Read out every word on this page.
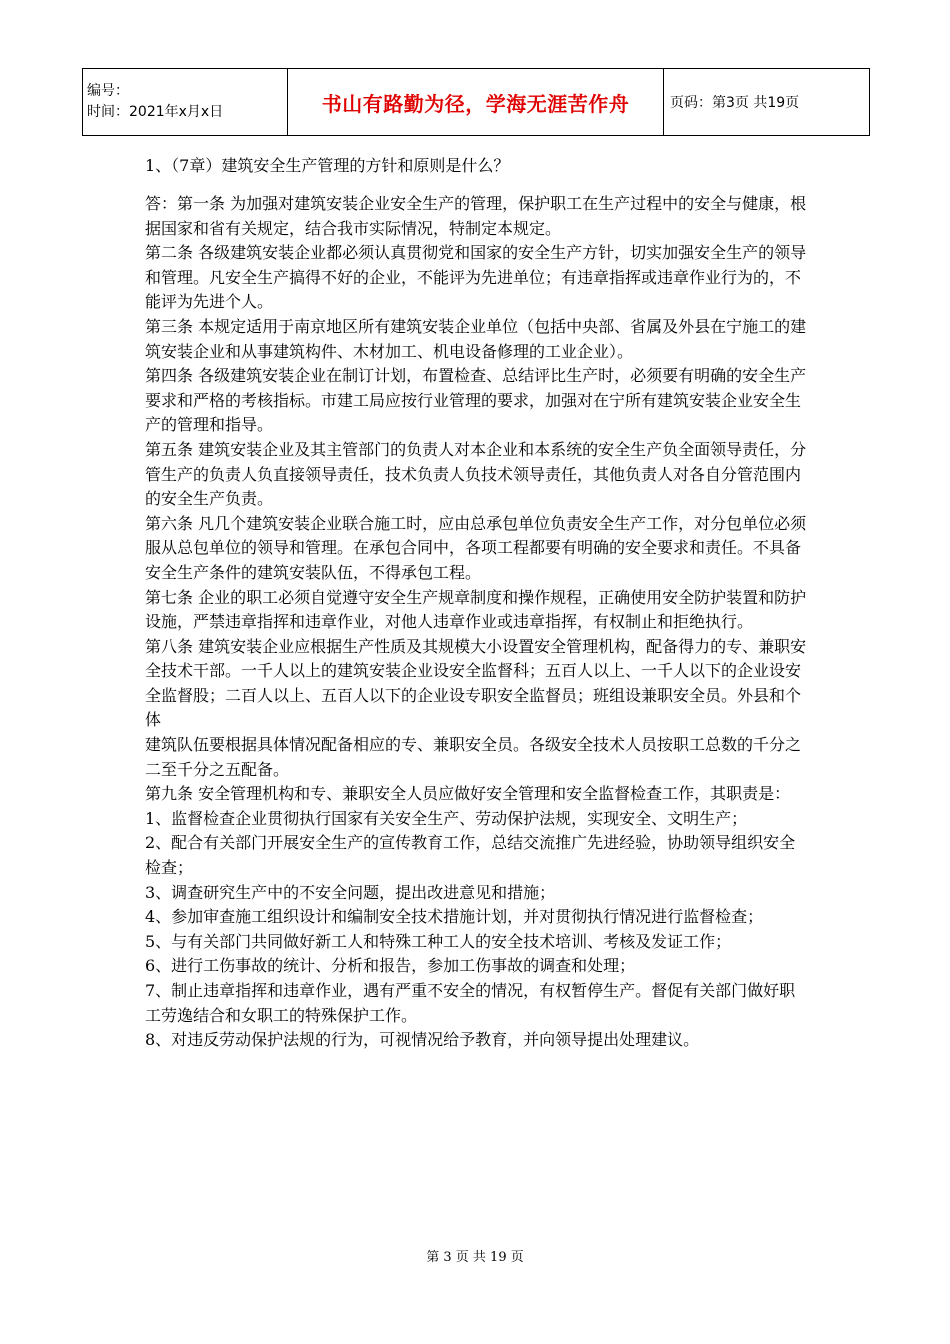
编号：
时间：2021年x月x日	书山有路勤为径，学海无涯苦作舟	页码：第3页 共19页
1、（7章）建筑安全生产管理的方针和原则是什么？

答：第一条 为加强对建筑安装企业安全生产的管理，保护职工在生产过程中的安全与健康，根据国家和省有关规定，结合我市实际情况，特制定本规定。

第二条 各级建筑安装企业都必须认真贯彻党和国家的安全生产方针，切实加强安全生产的领导和管理。凡安全生产搞得不好的企业，不能评为先进单位；有违章指挥或违章作业行为的，不能评为先进个人。

第三条 本规定适用于南京地区所有建筑安装企业单位（包括中央部、省属及外县在宁施工的建筑安装企业和从事建筑构件、木材加工、机电设备修理的工业企业）。

第四条 各级建筑安装企业在制订计划，布置检查、总结评比生产时，必须要有明确的安全生产要求和严格的考核指标。市建工局应按行业管理的要求，加强对在宁所有建筑安装企业安全生产的管理和指导。

第五条 建筑安装企业及其主管部门的负责人对本企业和本系统的安全生产负全面领导责任，分管生产的负责人负直接领导责任，技术负责人负技术领导责任，其他负责人对各自分管范围内的安全生产负责。

第六条 凡几个建筑安装企业联合施工时，应由总承包单位负责安全生产工作，对分包单位必须服从总包单位的领导和管理。在承包合同中，各项工程都要有明确的安全要求和责任。不具备安全生产条件的建筑安装队伍，不得承包工程。

第七条 企业的职工必须自觉遵守安全生产规章制度和操作规程，正确使用安全防护装置和防护设施，严禁违章指挥和违章作业，对他人违章作业或违章指挥，有权制止和拒绝执行。

第八条 建筑安装企业应根据生产性质及其规模大小设置安全管理机构，配备得力的专、兼职安全技术干部。一千人以上的建筑安装企业设安全监督科；五百人以上、一千人以下的企业设安全监督股；二百人以上、五百人以下的企业设专职安全监督员；班组设兼职安全员。外县和个体

建筑队伍要根据具体情况配备相应的专、兼职安全员。各级安全技术人员按职工总数的千分之二至千分之五配备。

第九条 安全管理机构和专、兼职安全人员应做好安全管理和安全监督检查工作，其职责是：

1、监督检查企业贯彻执行国家有关安全生产、劳动保护法规，实现安全、文明生产；

2、配合有关部门开展安全生产的宣传教育工作，总结交流推广先进经验，协助领导组织安全检查；

3、调查研究生产中的不安全问题，提出改进意见和措施；

4、参加审查施工组织设计和编制安全技术措施计划，并对贯彻执行情况进行监督检查；

5、与有关部门共同做好新工人和特殊工种工人的安全技术培训、考核及发证工作；

6、进行工伤事故的统计、分析和报告，参加工伤事故的调查和处理；

7、制止违章指挥和违章作业，遇有严重不安全的情况，有权暂停生产。督促有关部门做好职工劳逸结合和女职工的特殊保护工作。

8、对违反劳动保护法规的行为，可视情况给予教育，并向领导提出处理建议。

第 3 页 共 19 页
